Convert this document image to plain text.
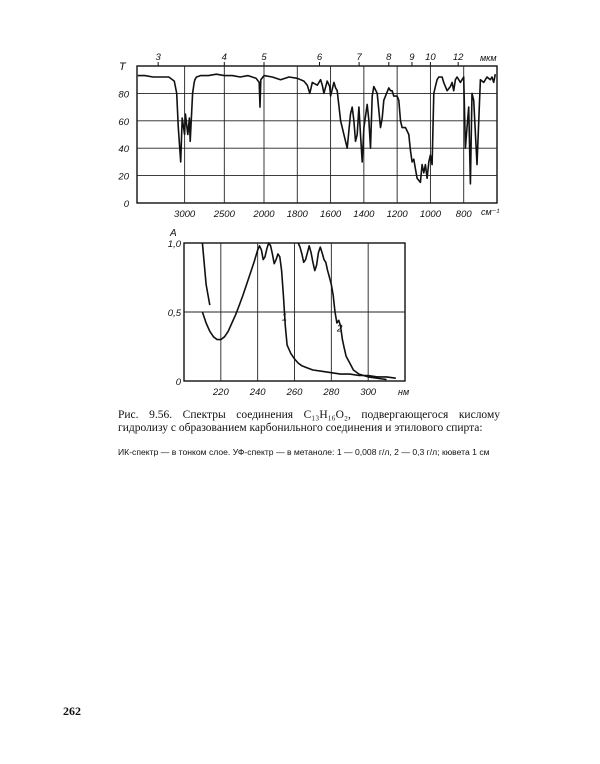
3000 2500 2000 1800 1600 1400 1200 1000 800
0
20
40
60
80
3	4	5	6	7	8 9 10 12
T
мкм
см⁻¹
220 240 260 280 300
0
0,5
1,0
1
2
A
нм
Рис. 9.56. Спектры соединения C₁₃H₁₆O₂, подвергающегося кислому гидролизу с образованием карбонильного соединения и этилового спирта:
ИК-спектр — в тонком слое. УФ-спектр — в метаноле: 1 — 0,008 г/л, 2 — 0,3 г/л; кювета 1 см
262
